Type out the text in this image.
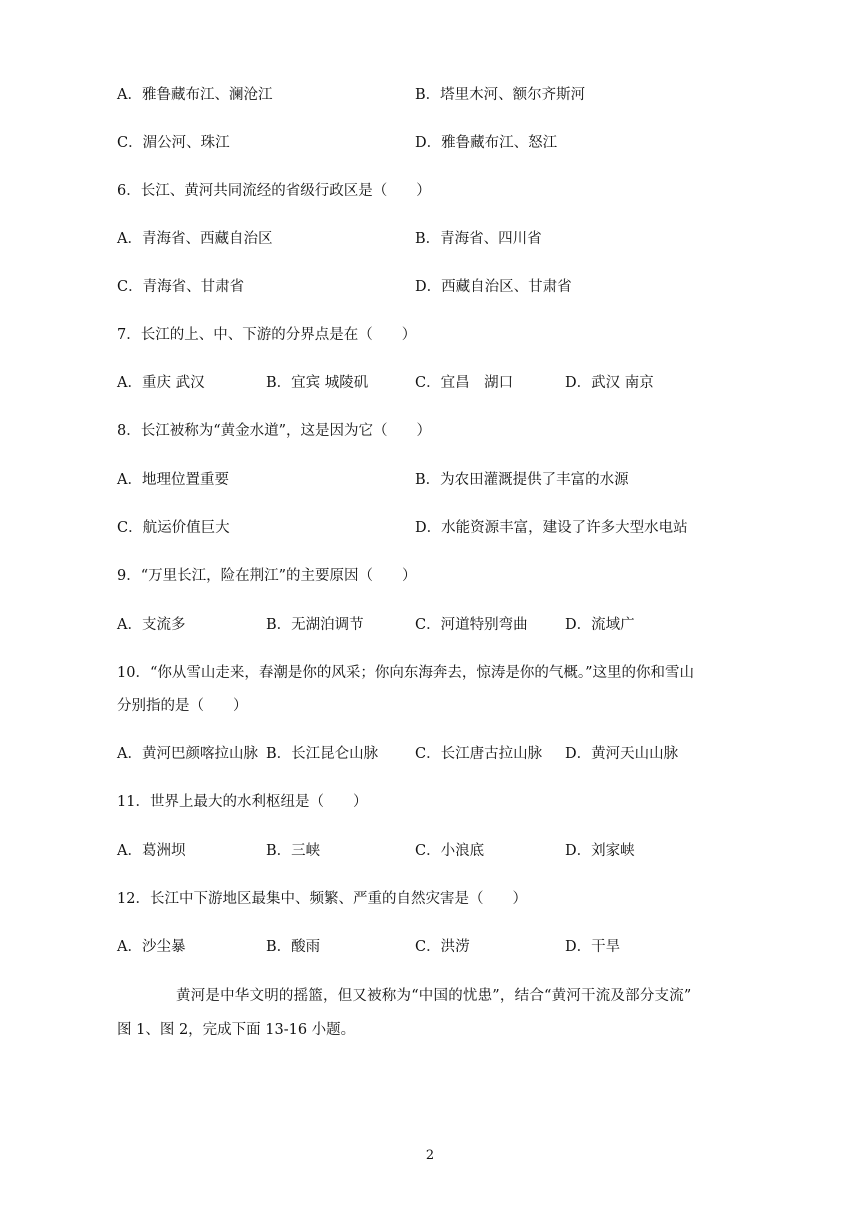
A．雅鲁藏布江、澜沧江	B．塔里木河、额尔齐斯河
C．湄公河、珠江	D．雅鲁藏布江、怒江
6．长江、黄河共同流经的省级行政区是（　　）
A．青海省、西藏自治区	B．青海省、四川省
C．青海省、甘肃省	D．西藏自治区、甘肃省
7．长江的上、中、下游的分界点是在（　　）
A．重庆 武汉	B．宜宾 城陵矶	C．宜昌　湖口	D．武汉 南京
8．长江被称为“黄金水道”，这是因为它（　　）
A．地理位置重要	B．为农田灌溉提供了丰富的水源
C．航运价值巨大	D．水能资源丰富，建设了许多大型水电站
9．“万里长江，险在荆江”的主要原因（　　）
A．支流多	B．无湖泊调节	C．河道特别弯曲	D．流域广
10．“你从雪山走来，春潮是你的风采；你向东海奔去，惊涛是你的气概。”这里的你和雪山
分别指的是（　　）
A．黄河巴颜喀拉山脉 B．长江昆仑山脉	C．长江唐古拉山脉 D．黄河天山山脉
11．世界上最大的水利枢纽是（　　）
A．葛洲坝	B．三峡	C．小浪底	D．刘家峡
12．长江中下游地区最集中、频繁、严重的自然灾害是（　　）
A．沙尘暴	B．酸雨	C．洪涝	D．干旱
黄河是中华文明的摇篮，但又被称为“中国的忧患”，结合“黄河干流及部分支流”
图 1、图 2，完成下面 13-16 小题。
2
